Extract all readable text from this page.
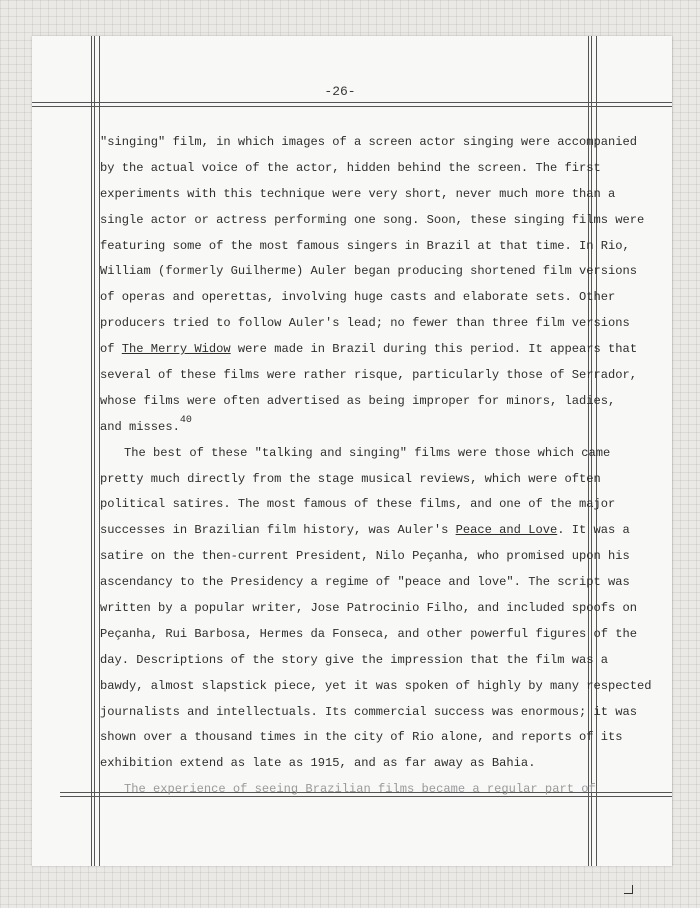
-26-
"singing" film, in which images of a screen actor singing were accompanied
by the actual voice of the actor, hidden behind the screen. The first
experiments with this technique were very short, never much more than a
single actor or actress performing one song. Soon, these singing films were
featuring some of the most famous singers in Brazil at that time. In Rio,
William (formerly Guilherme) Auler began producing shortened film versions
of operas and operettas, involving huge casts and elaborate sets. Other
producers tried to follow Auler's lead; no fewer than three film versions
of The Merry Widow were made in Brazil during this period. It appears that
several of these films were rather risque, particularly those of Serrador,
whose films were often advertised as being improper for minors, ladies,
and misses.$^{40}$
The best of these "talking and singing" films were those which came
pretty much directly from the stage musical reviews, which were often
political satires. The most famous of these films, and one of the major
successes in Brazilian film history, was Auler's Peace and Love. It was a
satire on the then-current President, Nilo Peçanha, who promised upon his
ascendancy to the Presidency a regime of "peace and love". The script was
written by a popular writer, Jose Patrocinio Filho, and included spoofs on
Peçanha, Rui Barbosa, Hermes da Fonseca, and other powerful figures of the
day. Descriptions of the story give the impression that the film was a
bawdy, almost slapstick piece, yet it was spoken of highly by many respected
journalists and intellectuals. Its commercial success was enormous; it was
shown over a thousand times in the city of Rio alone, and reports of its
exhibition extend as late as 1915, and as far away as Bahia.
The experience of seeing Brazilian films became a regular part of
